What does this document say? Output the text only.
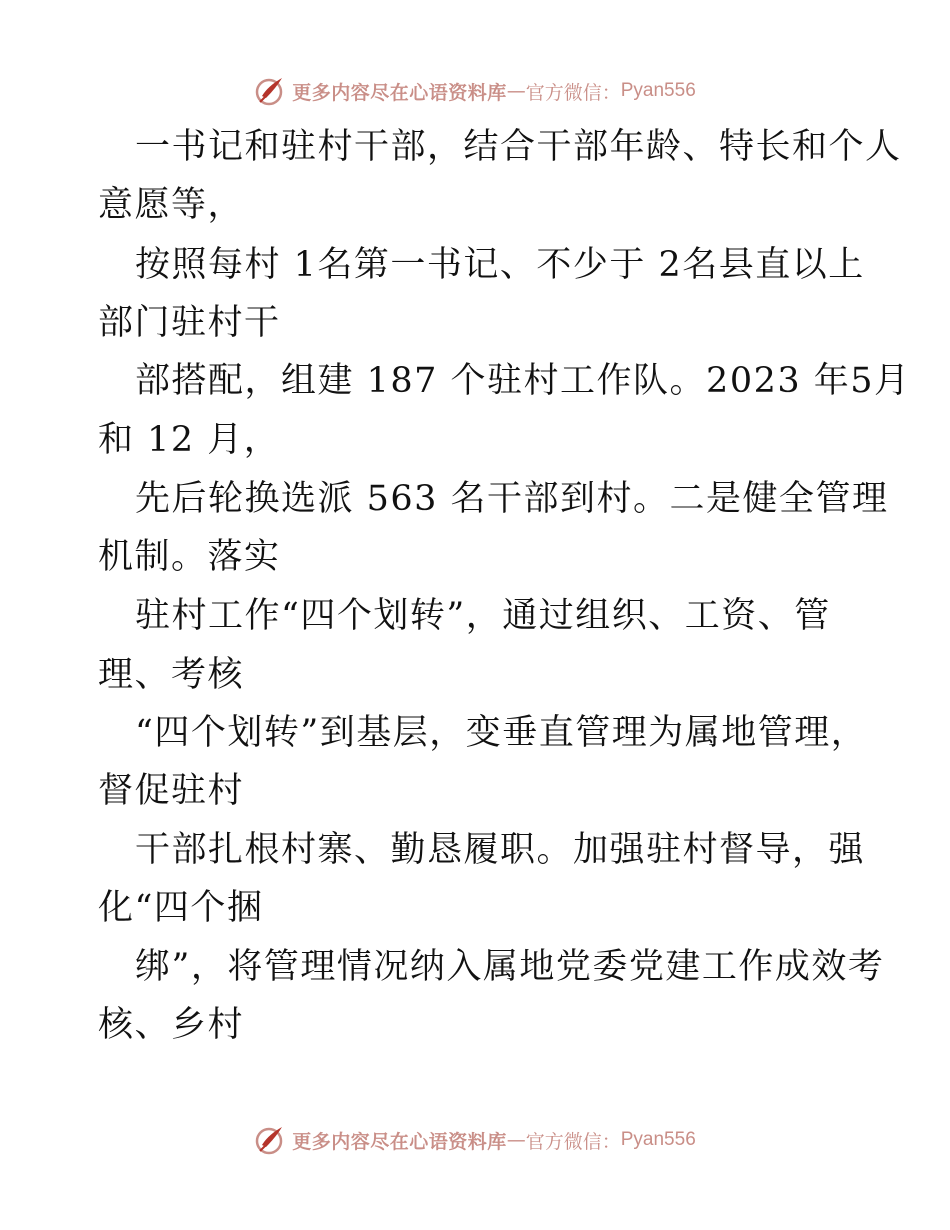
更多内容尽在心语资料库 — 官方微信： Pyan556
一书记和驻村干部，结合干部年龄、特长和个人
意愿等，
按照每村 1名第一书记、不少于 2名县直以上
部门驻村干
部搭配，组建 187 个驻村工作队。2023 年5月
和 12 月，
先后轮换选派 563 名干部到村。二是健全管理
机制。落实
驻村工作“四个划转”，通过组织、工资、管
理、考核
“四个划转”到基层，变垂直管理为属地管理，
督促驻村
干部扎根村寨、勤恳履职。加强驻村督导，强
化“四个捆
绑”，将管理情况纳入属地党委党建工作成效考
核、乡村
更多内容尽在心语资料库 — 官方微信： Pyan556
